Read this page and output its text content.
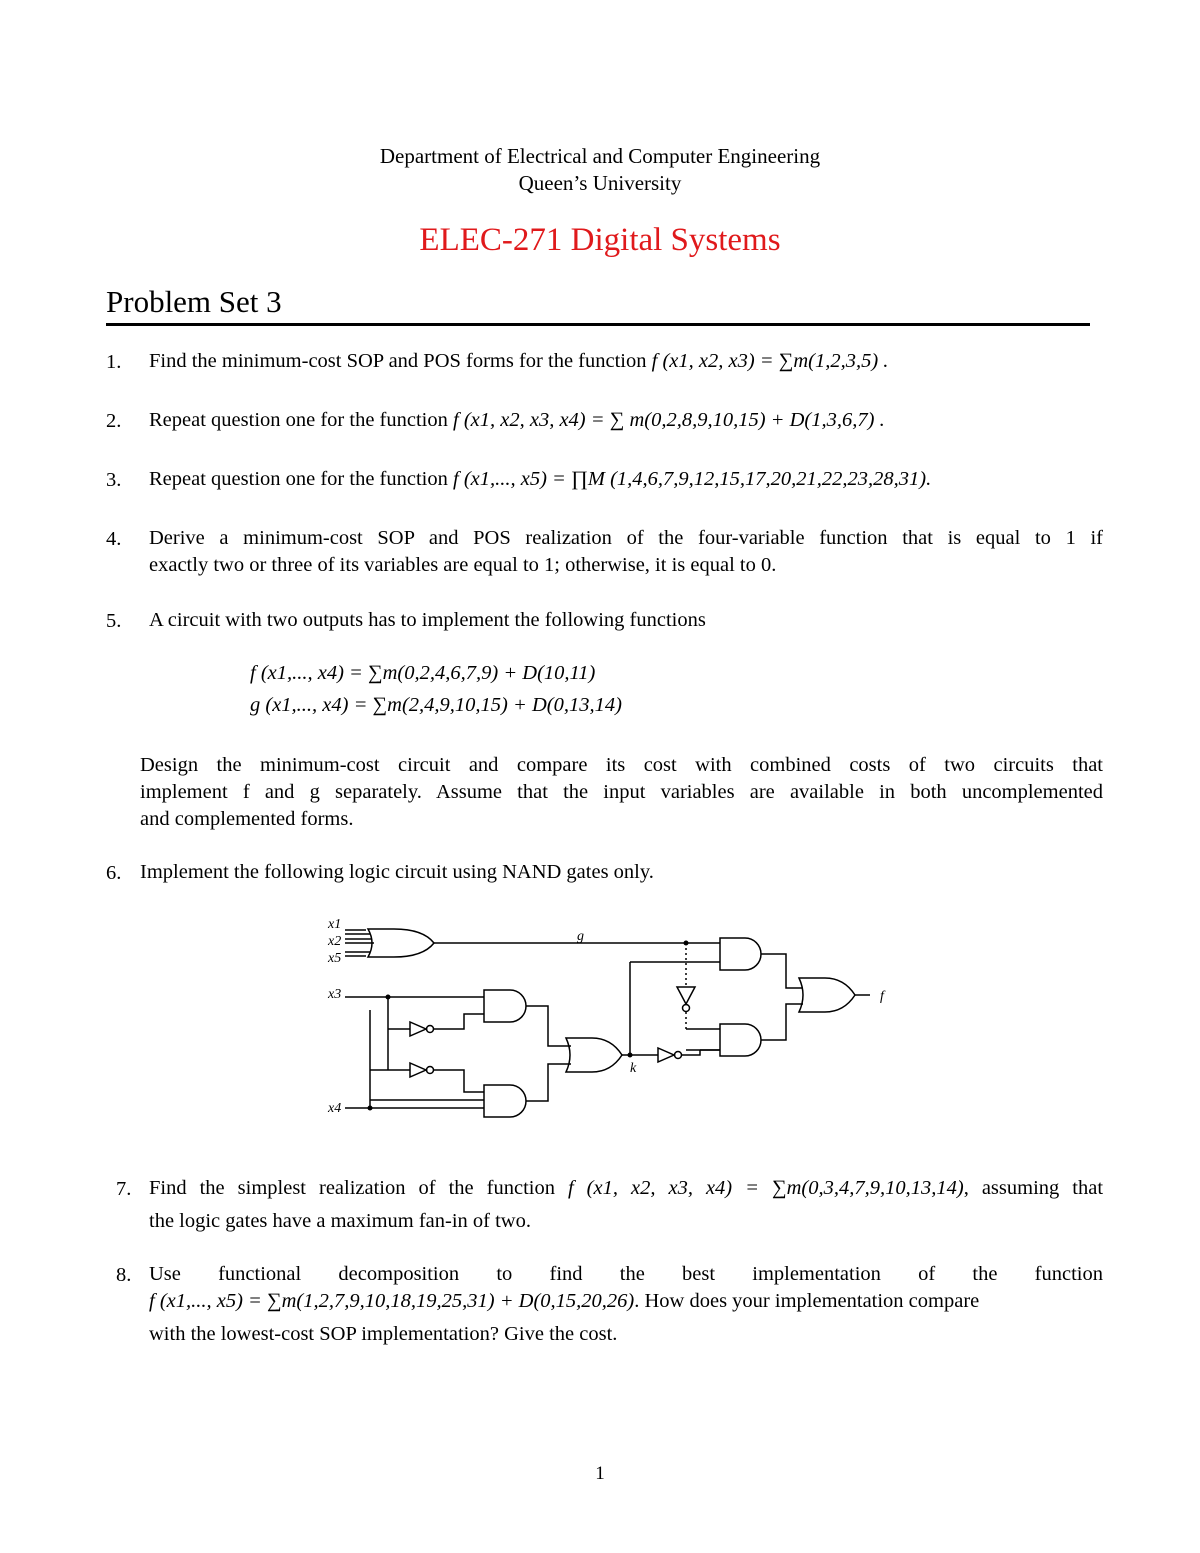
Department of Electrical and Computer Engineering
Queen’s University
ELEC-271 Digital Systems
Problem Set 3
1. Find the minimum-cost SOP and POS forms for the function f (x1, x2, x3) = ∑m(1,2,3,5) .
2. Repeat question one for the function f (x1, x2, x3, x4) = ∑ m(0,2,8,9,10,15) + D(1,3,6,7) .
3. Repeat question one for the function f (x1,..., x5) = ∏M (1,4,6,7,9,12,15,17,20,21,22,23,28,31).
4. Derive a minimum-cost SOP and POS realization of the four-variable function that is equal to 1 if
exactly two or three of its variables are equal to 1; otherwise, it is equal to 0.
5. A circuit with two outputs has to implement the following functions
f (x1,..., x4) = ∑m(0,2,4,6,7,9) + D(10,11)
g (x1,..., x4) = ∑m(2,4,9,10,15) + D(0,13,14)
Design the minimum-cost circuit and compare its cost with combined costs of two circuits that
implement f and g separately. Assume that the input variables are available in both uncomplemented
and complemented forms.
6. Implement the following logic circuit using NAND gates only.
x1
x2
x5
x3
x4
g
k
f
7. Find the simplest realization of the function f (x1, x2, x3, x4) = ∑m(0,3,4,7,9,10,13,14), assuming that
the logic gates have a maximum fan-in of two.
8. Use functional decomposition to find the best implementation of the function
f (x1,..., x5) = ∑m(1,2,7,9,10,18,19,25,31) + D(0,15,20,26). How does your implementation compare
with the lowest-cost SOP implementation? Give the cost.
1
